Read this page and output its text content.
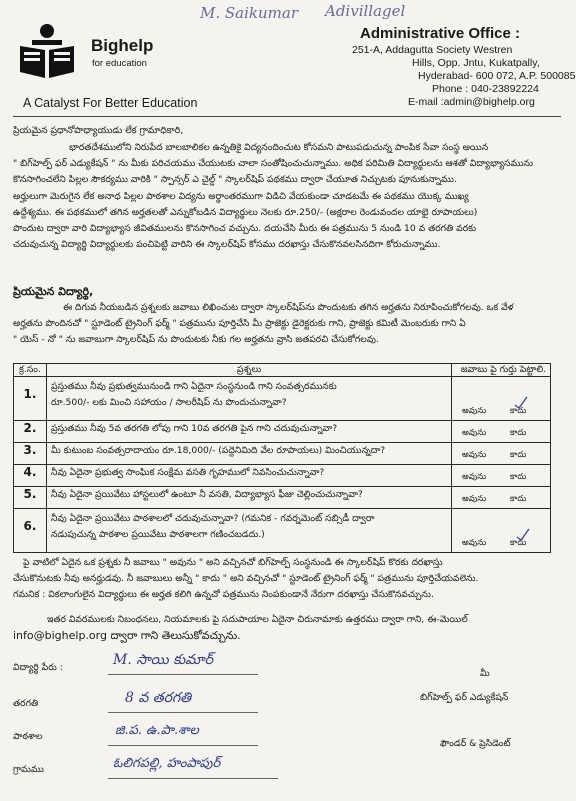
M. Saikumar Adivillagel
Bighelp
for education
A Catalyst For Better Education
Administrative Office :
251-A, Addagutta Society Westren
Hills, Opp. Jntu, Kukatpally,
Hyderabad- 600 072, A.P. 500085
Phone : 040-23892224
E-mail :admin@bighelp.org
ప్రియమైన ప్రధానోపాధ్యాయుడు లేక గ్రామాధికారి,
భారతదేశములోని నిరుపేద బాలబాలికల ఉన్నతికై విద్యనందించుట కోసమని పాటుపడుచున్న పాంపిక సేవా సంస్థ అయిన
" బిగ్‌హెల్ప్ ఫర్ ఎడ్యుకేషన్ " ను మీకు పరిచయము చేయుటకు చాలా సంతోషించుచున్నాము. అధిక పరిమితి విద్యార్థులను ఆశతో విద్యాభ్యాసమును
కొనసాగించలేని పిల్లల సౌకర్యము వారికి " స్పాన్సర్ ఎ చైల్డ్ " స్కాలర్‌షిప్ పథకము ద్వారా చేయూత నిచ్చుటకు పూనుకున్నాము.
అర్హులుగా మెరుగైన లేక అనాధ పిల్లల పాఠశాల విద్యను అర్థాంతరముగా విడిచి వేయకుండా చూడటమే ఈ పథకము యొక్క ముఖ్య
ఉద్దేశ్యము. ఈ పథకములో తగిన అర్హతలతో ఎన్నుకోబడిన విద్యార్థులు నెలకు రూ.250/- (అక్షరాల రెండువందల యాభై రూపాయలు)
పొందుట ద్వారా వారి విద్యాభ్యాస జీవితములను కొనసాగించ వచ్చును. దయచేసి మీరు ఈ పత్రమును 5 నుండి 10 వ తరగతి వరకు
చదువుచున్న విద్యార్థి విద్యార్థులకు పంచిపెట్టి వారిని ఈ స్కాలర్‌షిప్ కోసము దరఖాస్తు చేసుకొనవలసినదిగా కోరుచున్నాము.
ప్రియమైన విద్యార్థి,
ఈ దిగువ నీయబడిన ప్రశ్నలకు జవాబు లిఖించుట ద్వారా స్కాలర్‌షిప్‌ను పొందుటకు తగిన అర్హతను నిరూపించుకోగలవు. ఒక వేళ
అర్హతను పొందినచో " స్టూడెంట్ ట్రైనింగ్ ఫర్మ్ " పత్రమును పూర్తిచేసి మీ ప్రాజెక్టు డైరెక్టరుకు గాని, ప్రాజెక్టు కమిటీ మెంబరుకు గాని ఏ
" యెస్ - నో " ను జవాబుగా స్కాలర్‌షిప్ ను పొందుటకు నీకు గల అర్హతను వ్రాసి జతపరచి చేసుకోగలవు.
క్ర.సం.	ప్రశ్నలు	జవాబు పై గుర్తు పెట్టాలి.
1.	ప్రస్తుతము నీవు ప్రభుత్వమునుండి గాని ఏదైనా సంస్థనుండి గాని సంవత్సరమునకు
రూ.500/- లకు మించి సహాయం / సాలరీషిప్ ను పొందుచున్నావా?	అవును కాదు

2.	ప్రస్తుతము నీవు 5వ తరగతి లోపు గాని 10వ తరగతి పైన గాని చదువుచున్నావా?	అవును కాదు

3.	మీ కుటుంబ సంవత్సరాదాయం రూ.18,000/- (పద్దెనిమిది వేల రూపాయలు) మించియున్నదా?	అవును కాదు

4.	నీవు ఏదైనా ప్రభుత్వ సాంఘిక సంక్షేమ వసతి గృహములో నివసించుచున్నావా?	అవును కాదు

5.	నీవు ఏదైనా ప్రయివేటు హాస్టలులో ఉంటూ నీ వసతి, విద్యాభ్యాస ఫీజు చెల్లించుచున్నావా?	అవును కాదు

6.	నీవు ఏదైనా ప్రయివేటు పాఠశాలలో చదువుచున్నావా? (గమనిక - గవర్నమెంట్ సబ్సిడీ ద్వారా
నడుపుచున్న పాఠశాల ప్రయివేటు పాఠశాలగా గణించబడదు.)	అవును కాదు
పై వాటిలో ఏదైన ఒక ప్రశ్నకు నీ జవాబు " అవును " అని వచ్చినచో బిగ్‌హెల్ప్ సంస్థనుండి ఈ స్కాలర్‌షిప్ కొరకు దరఖాస్తు
చేసుకొనుటకు నీవు అనర్హుడవు. నీ జవాబులు అన్నీ " కాదు " అని వచ్చినచో " స్టూడెంట్ ట్రైనింగ్ ఫర్మ్ " పత్రమును పూర్తిచేయవలెను.
గమనిక : వికలాంగులైన విద్యార్థులు ఈ అర్హత కలిగి ఉన్నచో పత్రమును నింపకుండానే నేరుగా దరఖాస్తు చేసుకొనవచ్చును.
ఇతర వివరములకు నిబంధనలు, నియమాలకు పై సదుపాయాల ఏదైనా చిరునామాకు ఉత్తరము ద్వారా గాని, ఈ-మెయిల్
info@bighelp.org ద్వారా గాని తెలుసుకోవచ్చును.
విద్యార్థి పేరు :	M. సాయి కుమార్
తరగతి	8 వ తరగతి
పాఠశాల	జి.ప. ఉ.పా.శాల
గ్రామము	ఓలిగపల్లి, హంపాపుర్
మీ
బిగ్‌హెల్ప్ ఫర్ ఎడ్యుకేషన్
ఫౌండర్ & ప్రెసిడెంట్
